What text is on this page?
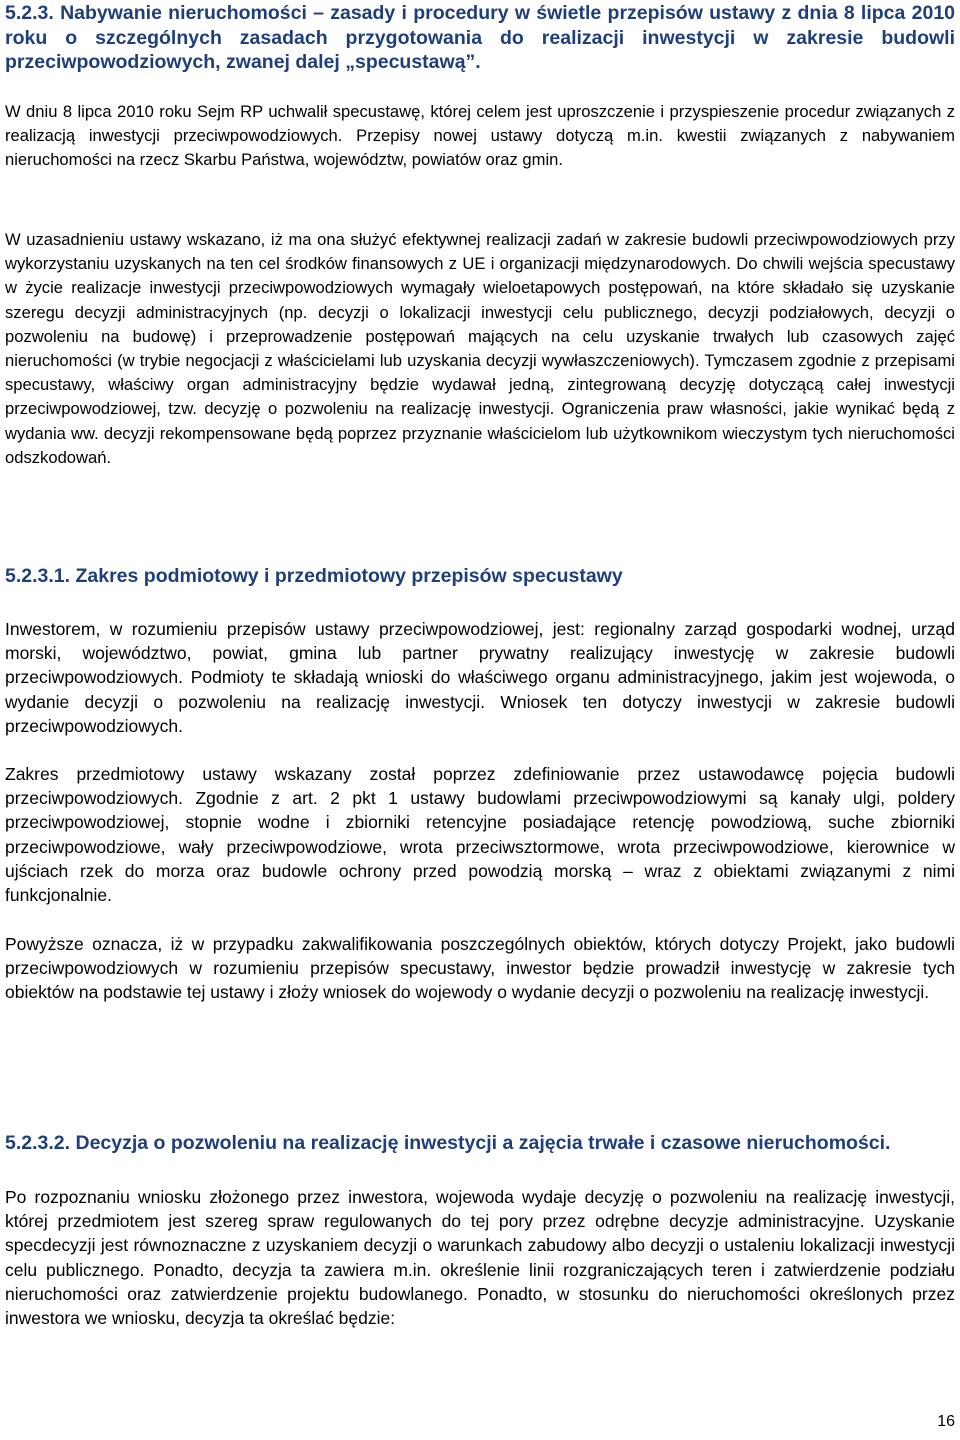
5.2.3. Nabywanie nieruchomości – zasady i procedury w świetle przepisów ustawy z dnia 8 lipca 2010 roku o szczególnych zasadach przygotowania do realizacji inwestycji w zakresie budowli przeciwpowodziowych, zwanej dalej „specustawą”.

W dniu 8 lipca 2010 roku Sejm RP uchwalił specustawę, której celem jest uproszczenie i przyspieszenie procedur związanych z realizacją inwestycji przeciwpowodziowych. Przepisy nowej ustawy dotyczą m.in. kwestii związanych z nabywaniem nieruchomości na rzecz Skarbu Państwa, województw, powiatów oraz gmin.

W uzasadnieniu ustawy wskazano, iż ma ona służyć efektywnej realizacji zadań w zakresie budowli przeciwpowodziowych przy wykorzystaniu uzyskanych na ten cel środków finansowych z UE i organizacji międzynarodowych. Do chwili wejścia specustawy w życie realizacje inwestycji przeciwpowodziowych wymagały wieloetapowych postępowań, na które składało się uzyskanie szeregu decyzji administracyjnych (np. decyzji o lokalizacji inwestycji celu publicznego, decyzji podziałowych, decyzji o pozwoleniu na budowę) i przeprowadzenie postępowań mających na celu uzyskanie trwałych lub czasowych zajęć nieruchomości (w trybie negocjacji z właścicielami lub uzyskania decyzji wywłaszczeniowych). Tymczasem zgodnie z przepisami specustawy, właściwy organ administracyjny będzie wydawał jedną, zintegrowaną decyzję dotyczącą całej inwestycji przeciwpowodziowej, tzw. decyzję o pozwoleniu na realizację inwestycji. Ograniczenia praw własności, jakie wynikać będą z wydania ww. decyzji rekompensowane będą poprzez przyznanie właścicielom lub użytkownikom wieczystym tych nieruchomości odszkodowań.

5.2.3.1. Zakres podmiotowy i przedmiotowy przepisów specustawy

Inwestorem, w rozumieniu przepisów ustawy przeciwpowodziowej, jest: regionalny zarząd gospodarki wodnej, urząd morski, województwo, powiat, gmina lub partner prywatny realizujący inwestycję w zakresie budowli przeciwpowodziowych. Podmioty te składają wnioski do właściwego organu administracyjnego, jakim jest wojewoda, o wydanie decyzji o pozwoleniu na realizację inwestycji. Wniosek ten dotyczy inwestycji w zakresie budowli przeciwpowodziowych.

Zakres przedmiotowy ustawy wskazany został poprzez zdefiniowanie przez ustawodawcę pojęcia budowli przeciwpowodziowych. Zgodnie z art. 2 pkt 1 ustawy budowlami przeciwpowodziowymi są kanały ulgi, poldery przeciwpowodziowej, stopnie wodne i zbiorniki retencyjne posiadające retencję powodziową, suche zbiorniki przeciwpowodziowe, wały przeciwpowodziowe, wrota przeciwsztormowe, wrota przeciwpowodziowe, kierownice w ujściach rzek do morza oraz budowle ochrony przed powodzią morską – wraz z obiektami związanymi z nimi funkcjonalnie.

Powyższe oznacza, iż w przypadku zakwalifikowania poszczególnych obiektów, których dotyczy Projekt, jako budowli przeciwpowodziowych w rozumieniu przepisów specustawy, inwestor będzie prowadził inwestycję w zakresie tych obiektów na podstawie tej ustawy i złoży wniosek do wojewody o wydanie decyzji o pozwoleniu na realizację inwestycji.

5.2.3.2. Decyzja o pozwoleniu na realizację inwestycji a zajęcia trwałe i czasowe nieruchomości.

Po rozpoznaniu wniosku złożonego przez inwestora, wojewoda wydaje decyzję o pozwoleniu na realizację inwestycji, której przedmiotem jest szereg spraw regulowanych do tej pory przez odrębne decyzje administracyjne. Uzyskanie specdecyzji jest równoznaczne z uzyskaniem decyzji o warunkach zabudowy albo decyzji o ustaleniu lokalizacji inwestycji celu publicznego. Ponadto, decyzja ta zawiera m.in. określenie linii rozgraniczających teren i zatwierdzenie podziału nieruchomości oraz zatwierdzenie projektu budowlanego. Ponadto, w stosunku do nieruchomości określonych przez inwestora we wniosku, decyzja ta określać będzie:

16
